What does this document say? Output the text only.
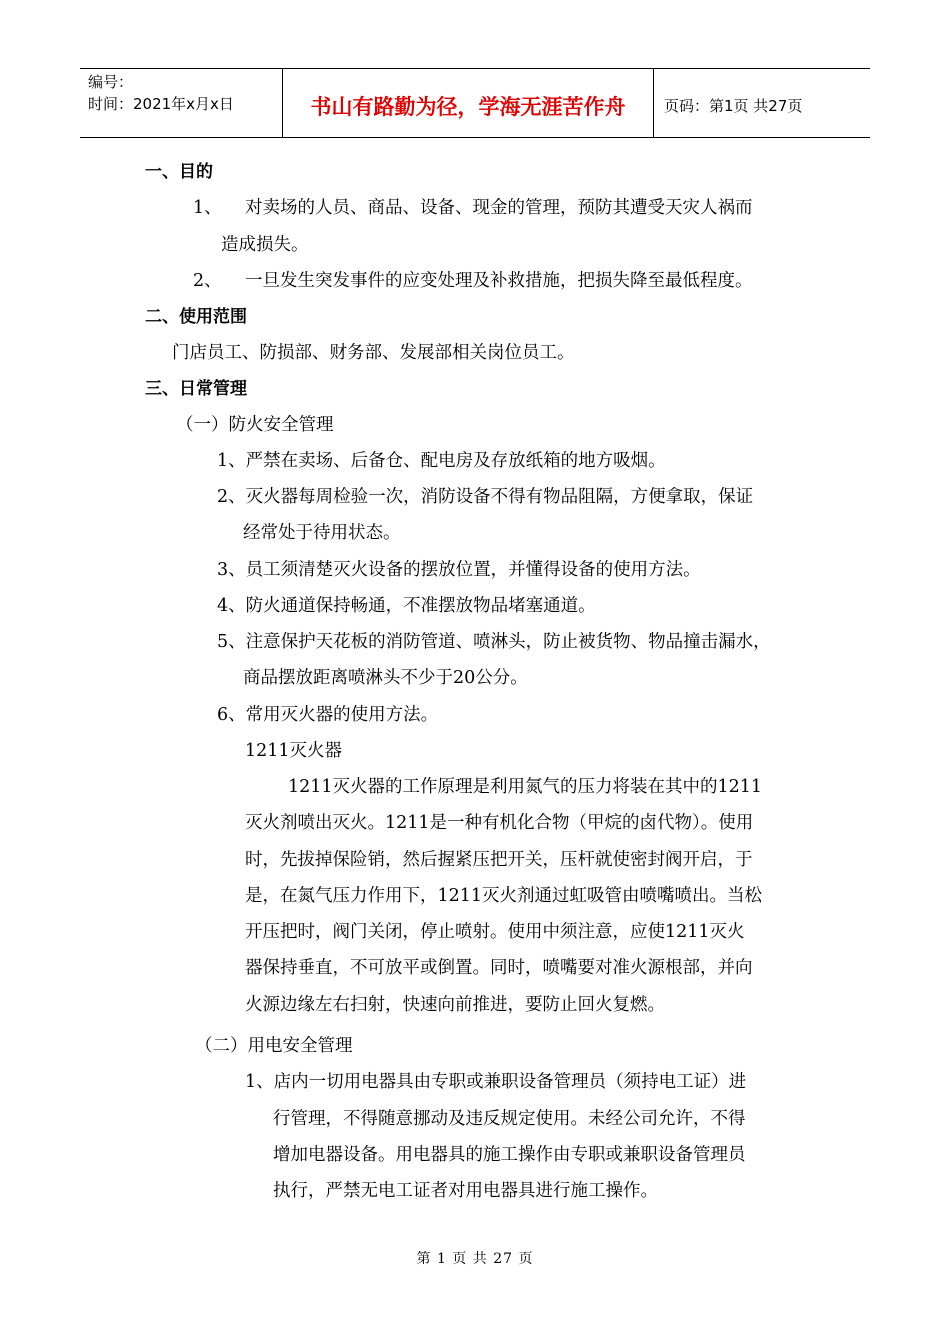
编号：
时间：2021年x月x日	书山有路勤为径，学海无涯苦作舟	页码：第1页 共27页
一、目的
1、 对卖场的人员、商品、设备、现金的管理，预防其遭受天灾人祸而
造成损失。
2、 一旦发生突发事件的应变处理及补救措施，把损失降至最低程度。
二、使用范围
门店员工、防损部、财务部、发展部相关岗位员工。
三、日常管理
（一）防火安全管理
1、严禁在卖场、后备仓、配电房及存放纸箱的地方吸烟。
2、灭火器每周检验一次，消防设备不得有物品阻隔，方便拿取，保证
经常处于待用状态。
3、员工须清楚灭火设备的摆放位置，并懂得设备的使用方法。
4、防火通道保持畅通，不准摆放物品堵塞通道。
5、注意保护天花板的消防管道、喷淋头，防止被货物、物品撞击漏水，
商品摆放距离喷淋头不少于20公分。
6、常用灭火器的使用方法。
1211灭火器
1211灭火器的工作原理是利用氮气的压力将装在其中的1211
灭火剂喷出灭火。1211是一种有机化合物（甲烷的卤代物）。使用
时，先拔掉保险销，然后握紧压把开关，压杆就使密封阀开启，于
是，在氮气压力作用下，1211灭火剂通过虹吸管由喷嘴喷出。当松
开压把时，阀门关闭，停止喷射。使用中须注意，应使1211灭火
器保持垂直，不可放平或倒置。同时，喷嘴要对准火源根部，并向
火源边缘左右扫射，快速向前推进，要防止回火复燃。
（二）用电安全管理
1、店内一切用电器具由专职或兼职设备管理员（须持电工证）进
行管理，不得随意挪动及违反规定使用。未经公司允许，不得
增加电器设备。用电器具的施工操作由专职或兼职设备管理员
执行，严禁无电工证者对用电器具进行施工操作。
第 1 页 共 27 页
